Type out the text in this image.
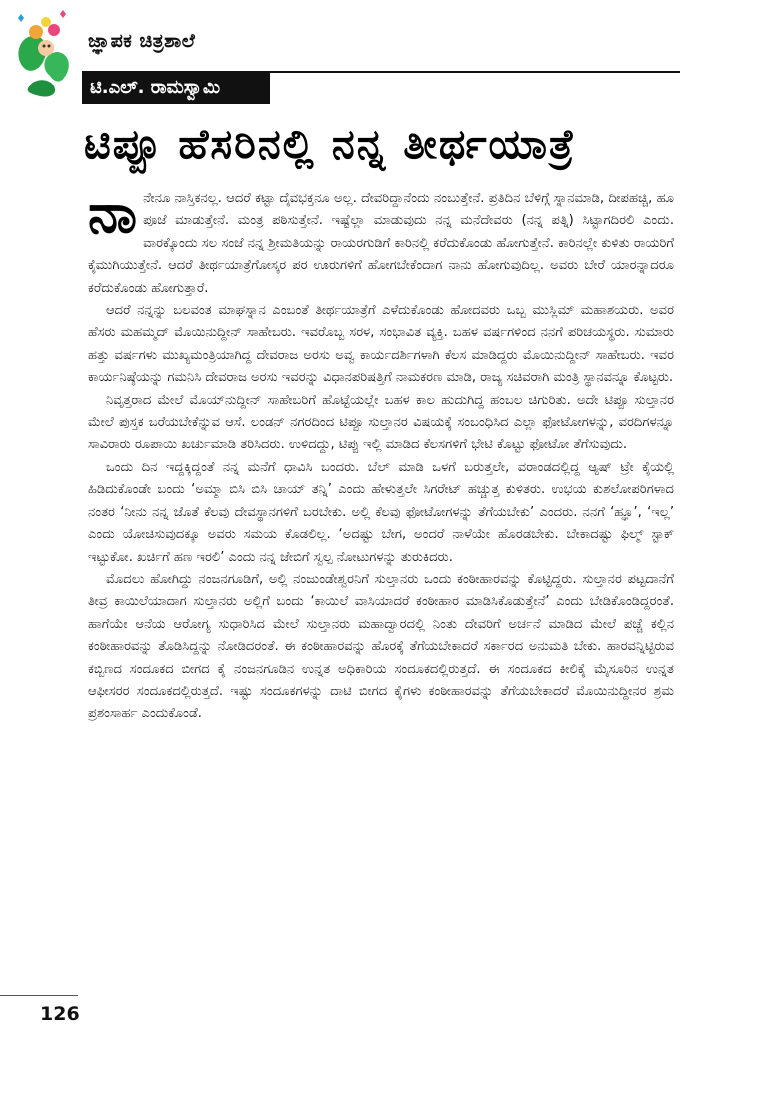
ಜ್ಞಾಪಕ ಚಿತ್ರಶಾಲೆ
ಟಿ.ಎಲ್. ರಾಮಸ್ವಾಮಿ
ಟಿಪ್ಪೂ ಹೆಸರಿನಲ್ಲಿ ನನ್ನ ತೀರ್ಥಯಾತ್ರೆ

ನಾನೇನೂ ನಾಸ್ತಿಕನಲ್ಲ. ಆದರೆ ಕಟ್ಟಾ ದೈವಭಕ್ತನೂ ಅಲ್ಲ. ದೇವರಿದ್ದಾನೆಂದು ನಂಬುತ್ತೇನೆ. ಪ್ರತಿದಿನ ಬೆಳಿಗ್ಗೆ ಸ್ನಾನಮಾಡಿ, ದೀಪಹಚ್ಚಿ, ಹೂ ಪೂಜೆ ಮಾಡುತ್ತೇನೆ. ಮಂತ್ರ ಪಠಿಸುತ್ತೇನೆ. ಇಷ್ಟೆಲ್ಲಾ ಮಾಡುವುದು ನನ್ನ ಮನೆದೇವರು (ನನ್ನ ಪತ್ನಿ) ಸಿಟ್ಟಾಗದಿರಲಿ ಎಂದು. ವಾರಕ್ಕೊಂದು ಸಲ ಸಂಜೆ ನನ್ನ ಶ್ರೀಮತಿಯನ್ನು ರಾಯರಗುಡಿಗೆ ಕಾರಿನಲ್ಲಿ ಕರೆದುಕೊಂಡು ಹೋಗುತ್ತೇನೆ. ಕಾರಿನಲ್ಲೇ ಕುಳಿತು ರಾಯರಿಗೆ ಕೈಮುಗಿಯುತ್ತೇನೆ. ಆದರೆ ತೀರ್ಥಯಾತ್ರೆಗೋಸ್ಕರ ಪರ ಊರುಗಳಿಗೆ ಹೋಗಬೇಕೆಂದಾಗ ನಾನು ಹೋಗುವುದಿಲ್ಲ. ಅವರು ಬೇರೆ ಯಾರನ್ನಾದರೂ ಕರೆದುಕೊಂಡು ಹೋಗುತ್ತಾರೆ.

ಆದರೆ ನನ್ನನ್ನು ಬಲವಂತ ಮಾಘಸ್ನಾನ ಎಂಬಂತೆ ತೀರ್ಥಯಾತ್ರೆಗೆ ಎಳೆದುಕೊಂಡು ಹೋದವರು ಒಬ್ಬ ಮುಸ್ಲಿಮ್ ಮಹಾಶಯರು. ಅವರ ಹೆಸರು ಮಹಮ್ಮದ್ ಮೊಯಿನುದ್ದೀನ್ ಸಾಹೇಬರು. ಇವರೊಬ್ಬ ಸರಳ, ಸಂಭಾವಿತ ವ್ಯಕ್ತಿ. ಬಹಳ ವರ್ಷಗಳಿಂದ ನನಗೆ ಪರಿಚಯಸ್ಥರು. ಸುಮಾರು ಹತ್ತು ವರ್ಷಗಳು ಮುಖ್ಯಮಂತ್ರಿಯಾಗಿದ್ದ ದೇವರಾಜ ಅರಸು ಅವ್ವ ಕಾರ್ಯದರ್ಶಿಗಳಾಗಿ ಕೆಲಸ ಮಾಡಿದ್ದರು ಮೊಯಿನುದ್ದೀನ್ ಸಾಹೇಬರು. ಇವರ ಕಾರ್ಯನಿಷ್ಠೆಯನ್ನು ಗಮನಿಸಿ ದೇವರಾಜ ಅರಸು ಇವರನ್ನು ವಿಧಾನಪರಿಷತ್ತಿಗೆ ನಾಮಕರಣ ಮಾಡಿ, ರಾಜ್ಯ ಸಚಿವರಾಗಿ ಮಂತ್ರಿ ಸ್ಥಾನವನ್ನೂ ಕೊಟ್ಟರು.

ನಿವೃತ್ತರಾದ ಮೇಲೆ ಮೊಯ್‌ನುದ್ದೀನ್ ಸಾಹೇಬರಿಗೆ ಹೊಟ್ಟೆಯಲ್ಲೇ ಬಹಳ ಕಾಲ ಹುದುಗಿದ್ದ ಹಂಬಲ ಚಿಗುರಿತು. ಅದೇ ಟಿಪ್ಪೂ ಸುಲ್ತಾನರ ಮೇಲೆ ಪುಸ್ತಕ ಬರೆಯಬೇಕೆನ್ನುವ ಆಸೆ. ಲಂಡನ್ ನಗರದಿಂದ ಟಿಪ್ಪೂ ಸುಲ್ತಾನರ ವಿಷಯಕ್ಕೆ ಸಂಬಂಧಿಸಿದ ಎಲ್ಲಾ ಫೋಟೋಗಳನ್ನು, ವರದಿಗಳನ್ನೂ ಸಾವಿರಾರು ರೂಪಾಯಿ ಖರ್ಚುಮಾಡಿ ತರಿಸಿದರು. ಉಳಿದದ್ದು, ಟಿಪ್ಪು ಇಲ್ಲಿ ಮಾಡಿದ ಕೆಲಸಗಳಿಗೆ ಭೇಟಿ ಕೊಟ್ಟು ಫೋಟೋ ತೆಗೆಸುವುದು.

ಒಂದು ದಿನ ಇದ್ದಕ್ಕಿದ್ದಂತೆ ನನ್ನ ಮನೆಗೆ ಧಾವಿಸಿ ಬಂದರು. ಬೆಲ್ ಮಾಡಿ ಒಳಗೆ ಬರುತ್ತಲೇ, ವರಾಂಡದಲ್ಲಿದ್ದ ಆ್ಯಷ್ ಟ್ರೇ ಕೈಯಲ್ಲಿ ಹಿಡಿದುಕೊಂಡೇ ಬಂದು ‘ಅಮ್ಮಾ ಬಿಸಿ ಬಿಸಿ ಚಾಯ್ ತನ್ನಿ’ ಎಂದು ಹೇಳುತ್ತಲೇ ಸಿಗರೇಟ್ ಹಚ್ಚುತ್ತ ಕುಳಿತರು. ಉಭಯ ಕುಶಲೋಪರಿಗಳಾದ ನಂತರ ‘ನೀನು ನನ್ನ ಜೊತೆ ಕೆಲವು ದೇವಸ್ಥಾನಗಳಿಗೆ ಬರಬೇಕು. ಅಲ್ಲಿ ಕೆಲವು ಫೋಟೋಗಳನ್ನು ತೆಗೆಯಬೇಕು’ ಎಂದರು. ನನಗೆ ‘ಹ್ಞೂ’, ‘ಇಲ್ಲ’ ಎಂದು ಯೋಚಿಸುವುದಕ್ಕೂ ಅವರು ಸಮಯ ಕೊಡಲಿಲ್ಲ. ‘ಅದಷ್ಟು ಬೇಗ, ಅಂದರೆ ನಾಳೆಯೇ ಹೊರಡಬೇಕು. ಬೇಕಾದಷ್ಟು ಫಿಲ್ಮ್ ಸ್ಟಾಕ್ ಇಟ್ಟುಕೋ. ಖರ್ಚಿಗೆ ಹಣ ಇರಲಿ’ ಎಂದು ನನ್ನ ಜೇಬಿಗೆ ಸ್ವಲ್ಪ ನೋಟುಗಳನ್ನು ತುರುಕಿದರು.

ಮೊದಲು ಹೋಗಿದ್ದು ನಂಜನಗೂಡಿಗೆ, ಅಲ್ಲಿ ನಂಜುಂಡೇಶ್ವರನಿಗೆ ಸುಲ್ತಾನರು ಒಂದು ಕಂಠೀಹಾರವನ್ನು ಕೊಟ್ಟಿದ್ದರು. ಸುಲ್ತಾನರ ಪಟ್ಟದಾನೆಗೆ ತೀವ್ರ ಕಾಯಿಲೆಯಾದಾಗ ಸುಲ್ತಾನರು ಅಲ್ಲಿಗೆ ಬಂದು ‘ಕಾಯಿಲೆ ವಾಸಿಯಾದರೆ ಕಂಠೀಹಾರ ಮಾಡಿಸಿಕೊಡುತ್ತೇನೆ’ ಎಂದು ಬೇಡಿಕೊಂಡಿದ್ದರಂತೆ. ಹಾಗೆಯೇ ಆನೆಯ ಆರೋಗ್ಯ ಸುಧಾರಿಸಿದ ಮೇಲೆ ಸುಲ್ತಾನರು ಮಹಾದ್ವಾರದಲ್ಲಿ ನಿಂತು ದೇವರಿಗೆ ಅರ್ಚನೆ ಮಾಡಿದ ಮೇಲೆ ಪಚ್ಚೆ ಕಲ್ಲಿನ ಕಂಠೀಹಾರವನ್ನು ತೊಡಿಸಿದ್ದನ್ನು ನೋಡಿದರಂತೆ. ಈ ಕಂಠೀಹಾರವನ್ನು ಹೊರಕ್ಕೆ ತೆಗೆಯಬೇಕಾದರೆ ಸರ್ಕಾರದ ಅನುಮತಿ ಬೇಕು. ಹಾರವನ್ನಿಟ್ಟಿರುವ ಕಬ್ಬಿಣದ ಸಂದೂಕದ ಬೀಗದ ಕೈ ನಂಜನಗೂಡಿನ ಉನ್ನತ ಅಧಿಕಾರಿಯ ಸಂದೂಕದಲ್ಲಿರುತ್ತದೆ. ಈ ಸಂದೂಕದ ಕೀಲಿಕೈ ಮೈಸೂರಿನ ಉನ್ನತ ಆಫೀಸರರ ಸಂದೂಕದಲ್ಲಿರುತ್ತದೆ. ಇಷ್ಟು ಸಂದೂಕಗಳನ್ನು ದಾಟಿ ಬೀಗದ ಕೈಗಳು ಕಂಠೀಹಾರವನ್ನು ತೆಗೆಯಬೇಕಾದರೆ ಮೊಯಿನುದ್ದೀನರ ಶ್ರಮ ಪ್ರಶಂಸಾರ್ಹ ಎಂದುಕೊಂಡೆ.

126
